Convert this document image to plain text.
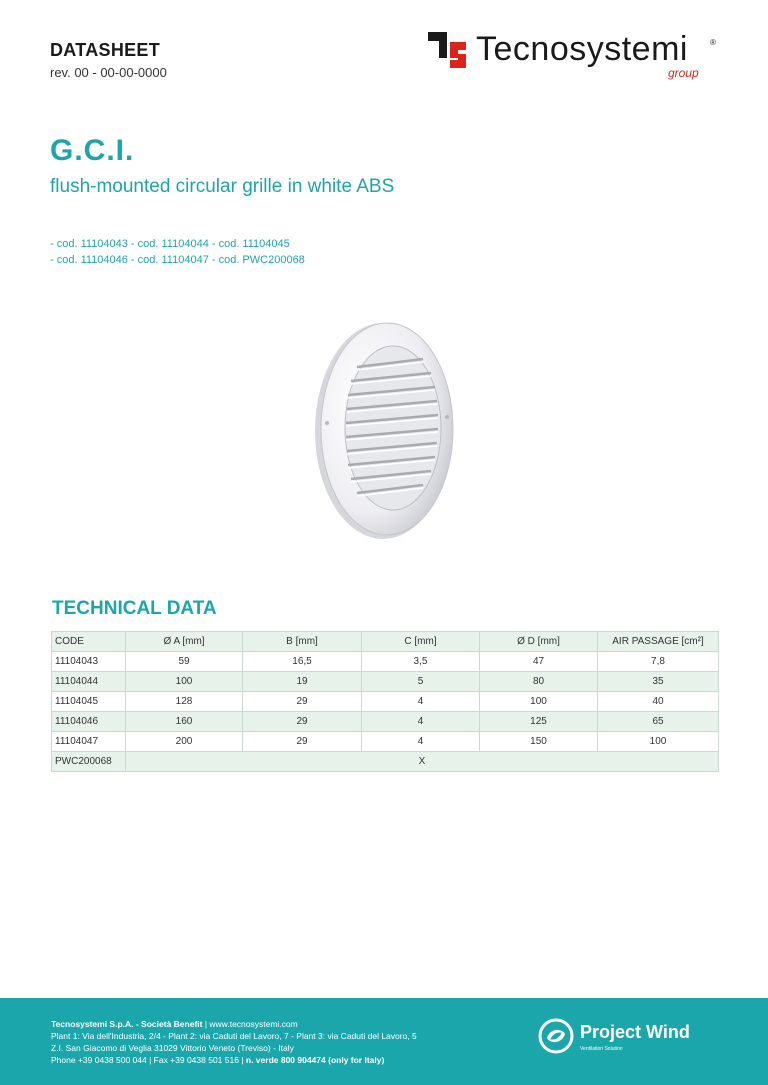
DATASHEET
rev. 00 - 00-00-0000
Tecnosystemi	®
group
G.C.I.
flush-mounted circular grille in white ABS
- cod. 11104043 - cod. 11104044 - cod. 11104045
- cod. 11104046 - cod. 11104047 - cod. PWC200068
TECHNICAL DATA
CODE	Ø A [mm]	B [mm]	C [mm]	Ø D [mm]	AIR PASSAGE [cm²]
11104043	59	16,5	3,5	47	7,8
11104044	100	19	5	80	35
11104045	128	29	4	100	40
11104046	160	29	4	125	65
11104047	200	29	4	150	100
PWC200068	X				
Tecnosystemi S.p.A. - Società Benefit | www.tecnosystemi.com
Plant 1: Via dell'Industria, 2/4 - Plant 2: via Caduti del Lavoro, 7 - Plant 3: via Caduti del Lavoro, 5
Z.I. San Giacomo di Veglia 31029 Vittorio Veneto (Treviso) - Italy
Phone +39 0438 500 044 | Fax +39 0438 501 516 | n. verde 800 904474 (only for Italy)
Project Wind
Ventilation Solution
